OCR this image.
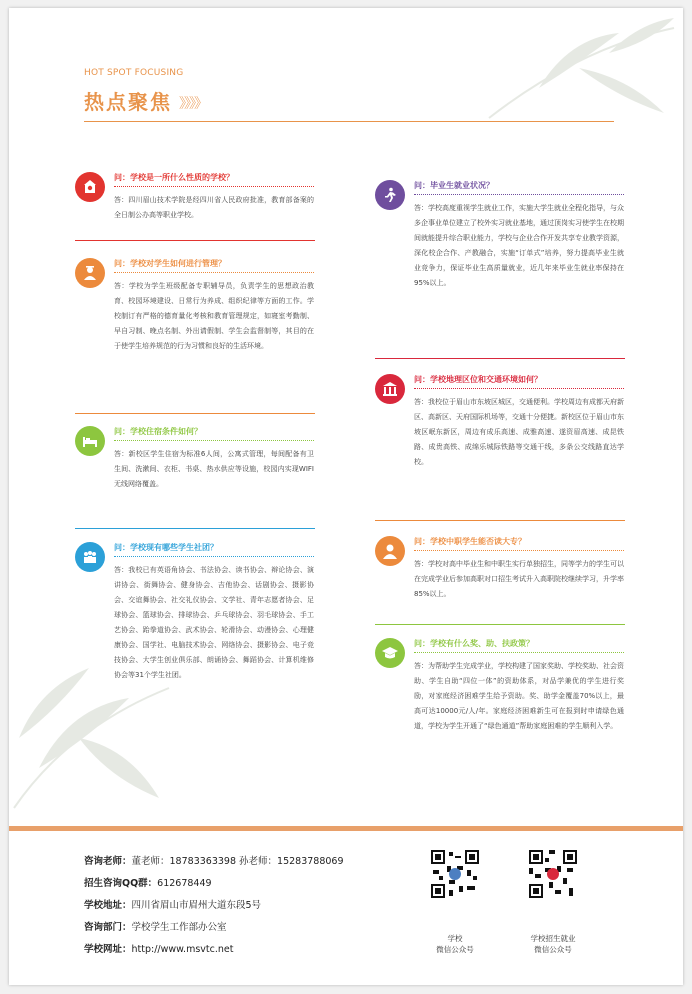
HOT SPOT FOCUSING
热点聚焦 》》》》
问：学校是一所什么性质的学校？

答：四川眉山技术学院是经四川省人民政府批准，教育部备案的全日制公办高等职业学校。

问：学校对学生如何进行管理？

答：学校为学生班级配备专职辅导员，负责学生的思想政治教育、校园环境建设、日常行为养成、组织纪律等方面的工作。学校制订有严格的德育量化考核和教育管理规定，如寝室考勤制、早自习制、晚点名制、外出请假制、学生会监督制等，其目的在于使学生培养规范的行为习惯和良好的生活环境。

问：学校住宿条件如何？

答：新校区学生住宿为标准6人间，公寓式管理，每间配备有卫生间、洗漱间、衣柜、书桌、热水供应等设施，校园内实现WIFI无线网络覆盖。

问：学校现有哪些学生社团？

答：我校已有英语角协会、书法协会、读书协会、辩论协会、演讲协会、街舞协会、健身协会、吉他协会、话剧协会、摄影协会、交谊舞协会、社交礼仪协会、文学社、青年志愿者协会、足球协会、篮球协会、排球协会、乒乓球协会、羽毛球协会、手工艺协会、跆拳道协会、武术协会、轮滑协会、动漫协会、心理健康协会、国学社、电脑技术协会、网络协会、摄影协会、电子竞技协会、大学生创业俱乐部、朗诵协会、舞蹈协会、计算机维修协会等31个学生社团。

问：毕业生就业状况？

答：学校高度重视学生就业工作，实施大学生就业全程化指导，与众多企事业单位建立了校外实习就业基地，通过顶岗实习使学生在校期间就能提升综合职业能力，学校与企业合作开发共享专业教学资源，深化校企合作、产教融合，实施“订单式”培养，努力提高毕业生就业竞争力，保证毕业生高质量就业，近几年来毕业生就业率保持在95%以上。

问：学校地理区位和交通环境如何？

答：我校位于眉山市东坡区城区，交通便利。学校周边有成都天府新区、高新区、天府国际机场等，交通十分便捷。新校区位于眉山市东坡区岷东新区，周边有成乐高速、成雅高速、遂资眉高速、成昆铁路、成贵高铁、成绵乐城际铁路等交通干线，多条公交线路直达学校。

问：学校中职学生能否读大专？

答：学校对高中毕业生和中职生实行单独招生，同等学力的学生可以在完成学业后参加高职对口招生考试升入高职院校继续学习，升学率85%以上。

问：学校有什么奖、助、扶政策？

答：为帮助学生完成学业，学校构建了国家奖助、学校奖助、社会资助、学生自助“四位一体”的资助体系，对品学兼优的学生进行奖励，对家庭经济困难学生给予资助。奖、助学金覆盖70%以上，最高可达10000元/人/年。家庭经济困难新生可在报到时申请绿色通道，学校为学生开通了“绿色通道”帮助家庭困难的学生顺利入学。

咨询老师：董老师：18783363398 孙老师：15283788069
招生咨询QQ群：612678449
学校地址：四川省眉山市眉州大道东段5号
咨询部门：学校学生工作部办公室
学校网址：http://www.msvtc.net
学校
微信公众号
学校招生就业
微信公众号
